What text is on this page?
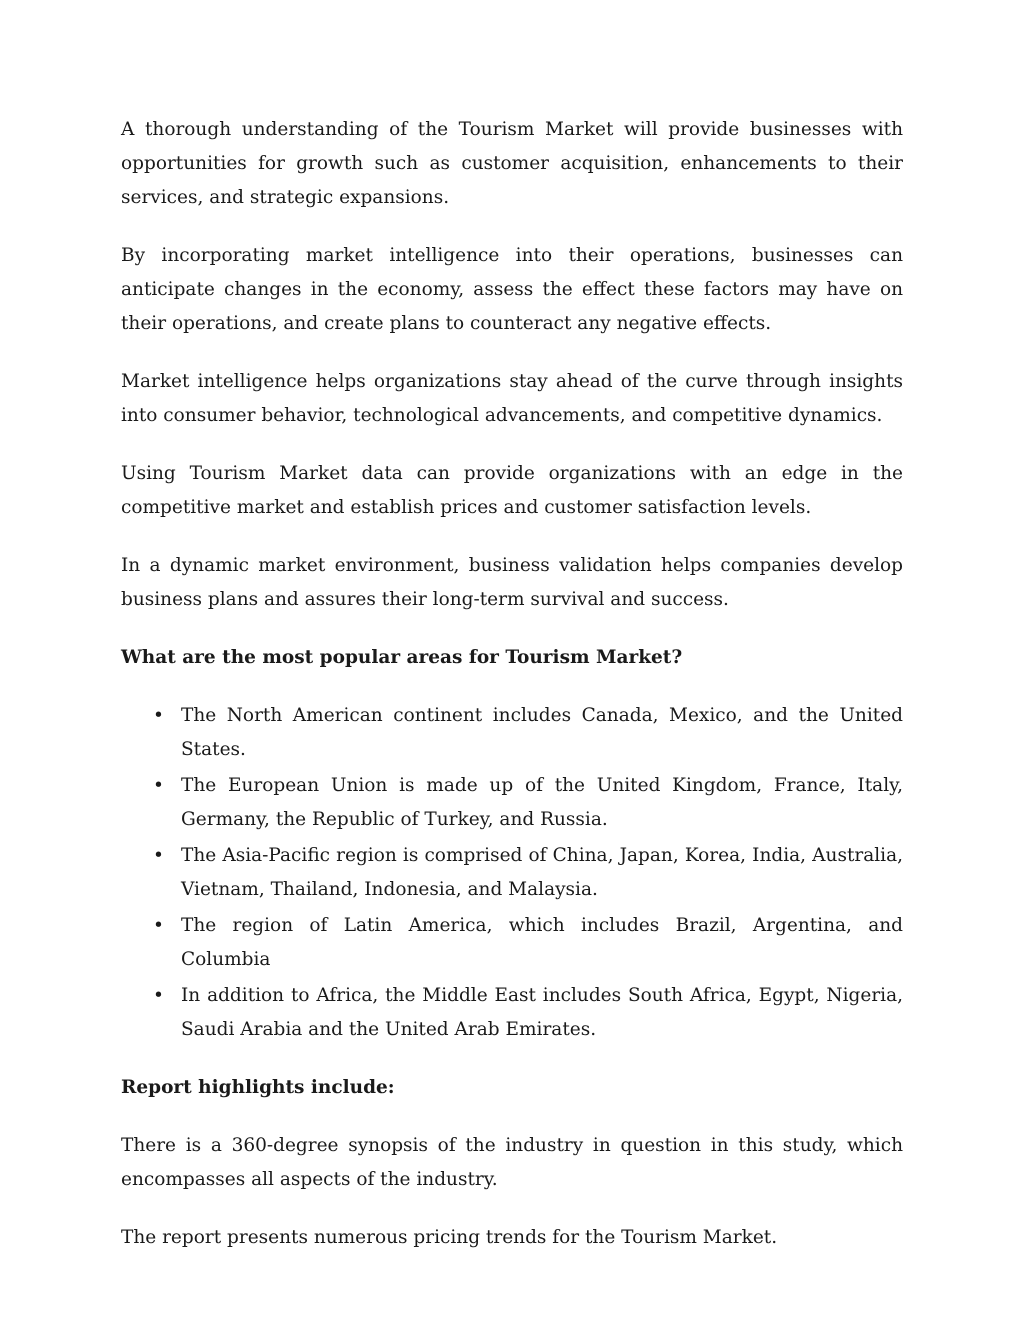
A thorough understanding of the Tourism Market will provide businesses with opportunities for growth such as customer acquisition, enhancements to their services, and strategic expansions.

By incorporating market intelligence into their operations, businesses can anticipate changes in the economy, assess the effect these factors may have on their operations, and create plans to counteract any negative effects.

Market intelligence helps organizations stay ahead of the curve through insights into consumer behavior, technological advancements, and competitive dynamics.

Using Tourism Market data can provide organizations with an edge in the competitive market and establish prices and customer satisfaction levels.

In a dynamic market environment, business validation helps companies develop business plans and assures their long-term survival and success.

What are the most popular areas for Tourism Market?

• The North American continent includes Canada, Mexico, and the United States.
• The European Union is made up of the United Kingdom, France, Italy, Germany, the Republic of Turkey, and Russia.
• The Asia-Pacific region is comprised of China, Japan, Korea, India, Australia, Vietnam, Thailand, Indonesia, and Malaysia.
• The region of Latin America, which includes Brazil, Argentina, and Columbia
• In addition to Africa, the Middle East includes South Africa, Egypt, Nigeria, Saudi Arabia and the United Arab Emirates.

Report highlights include:

There is a 360-degree synopsis of the industry in question in this study, which encompasses all aspects of the industry.

The report presents numerous pricing trends for the Tourism Market.
